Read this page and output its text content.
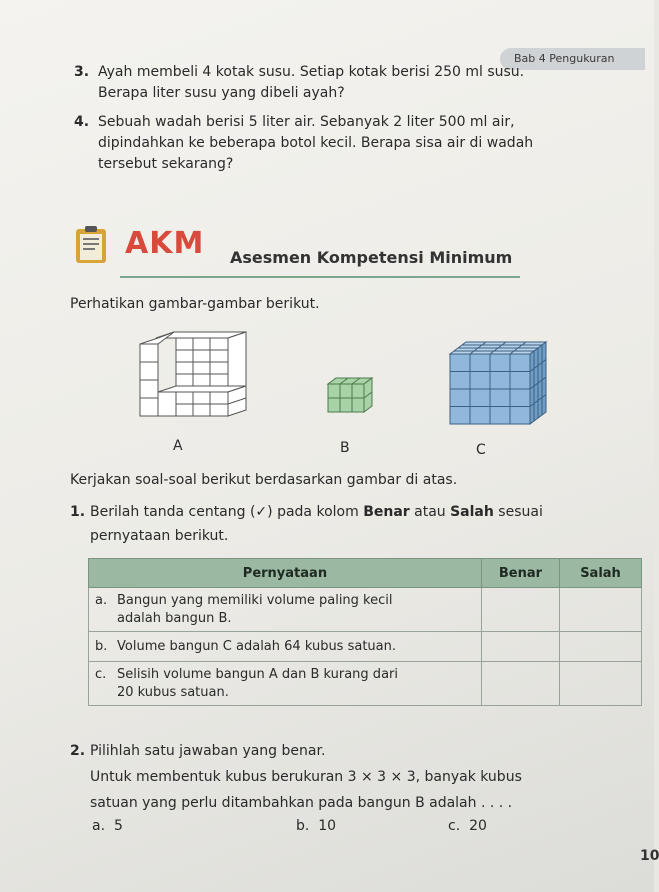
Bab 4 Pengukuran
3. Ayah membeli 4 kotak susu. Setiap kotak berisi 250 ml susu.
Berapa liter susu yang dibeli ayah?
4. Sebuah wadah berisi 5 liter air. Sebanyak 2 liter 500 ml air,
dipindahkan ke beberapa botol kecil. Berapa sisa air di wadah
tersebut sekarang?
AKM Asesmen Kompetensi Minimum
Perhatikan gambar-gambar berikut.
A	B	C
Kerjakan soal-soal berikut berdasarkan gambar di atas.
1. Berilah tanda centang (✓) pada kolom Benar atau Salah sesuai
pernyataan berikut.
Pernyataan	Benar	Salah

a. Bangun yang memiliki volume paling kecil
adalah bangun B.		

b. Volume bangun C adalah 64 kubus satuan.		

c. Selisih volume bangun A dan B kurang dari
20 kubus satuan.		

2. Pilihlah satu jawaban yang benar.
Untuk membentuk kubus berukuran 3 × 3 × 3, banyak kubus
satuan yang perlu ditambahkan pada bangun B adalah . . . .
a. 5	b. 10	c. 20
10
